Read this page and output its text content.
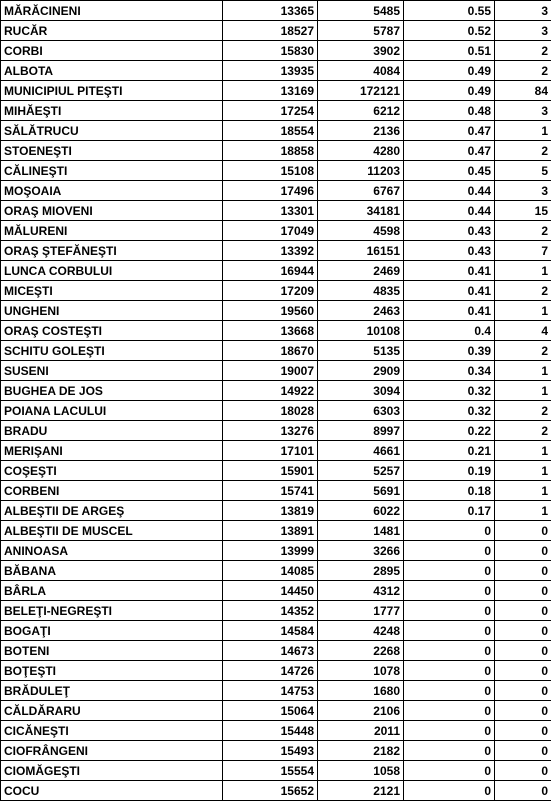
MĂRĂCINENI	13365	5485	0.55	3
RUCĂR	18527	5787	0.52	3
CORBI	15830	3902	0.51	2
ALBOTA	13935	4084	0.49	2
MUNICIPIUL PITEŞTI	13169	172121	0.49	84
MIHĂEŞTI	17254	6212	0.48	3
SĂLĂTRUCU	18554	2136	0.47	1
STOENEŞTI	18858	4280	0.47	2
CĂLINEŞTI	15108	11203	0.45	5
MOŞOAIA	17496	6767	0.44	3
ORAŞ MIOVENI	13301	34181	0.44	15
MĂLURENI	17049	4598	0.43	2
ORAŞ ŞTEFĂNEŞTI	13392	16151	0.43	7
LUNCA CORBULUI	16944	2469	0.41	1
MICEŞTI	17209	4835	0.41	2
UNGHENI	19560	2463	0.41	1
ORAŞ COSTEŞTI	13668	10108	0.4	4
SCHITU GOLEŞTI	18670	5135	0.39	2
SUSENI	19007	2909	0.34	1
BUGHEA DE JOS	14922	3094	0.32	1
POIANA LACULUI	18028	6303	0.32	2
BRADU	13276	8997	0.22	2
MERIŞANI	17101	4661	0.21	1
COŞEŞTI	15901	5257	0.19	1
CORBENI	15741	5691	0.18	1
ALBEŞTII DE ARGEŞ	13819	6022	0.17	1
ALBEŞTII DE MUSCEL	13891	1481	0	0
ANINOASA	13999	3266	0	0
BĂBANA	14085	2895	0	0
BÂRLA	14450	4312	0	0
BELEŢI-NEGREŞTI	14352	1777	0	0
BOGAŢI	14584	4248	0	0
BOTENI	14673	2268	0	0
BOŢEŞTI	14726	1078	0	0
BRĂDULEŢ	14753	1680	0	0
CĂLDĂRARU	15064	2106	0	0
CICĂNEŞTI	15448	2011	0	0
CIOFRÂNGENI	15493	2182	0	0
CIOMĂGEŞTI	15554	1058	0	0
COCU	15652	2121	0	0
